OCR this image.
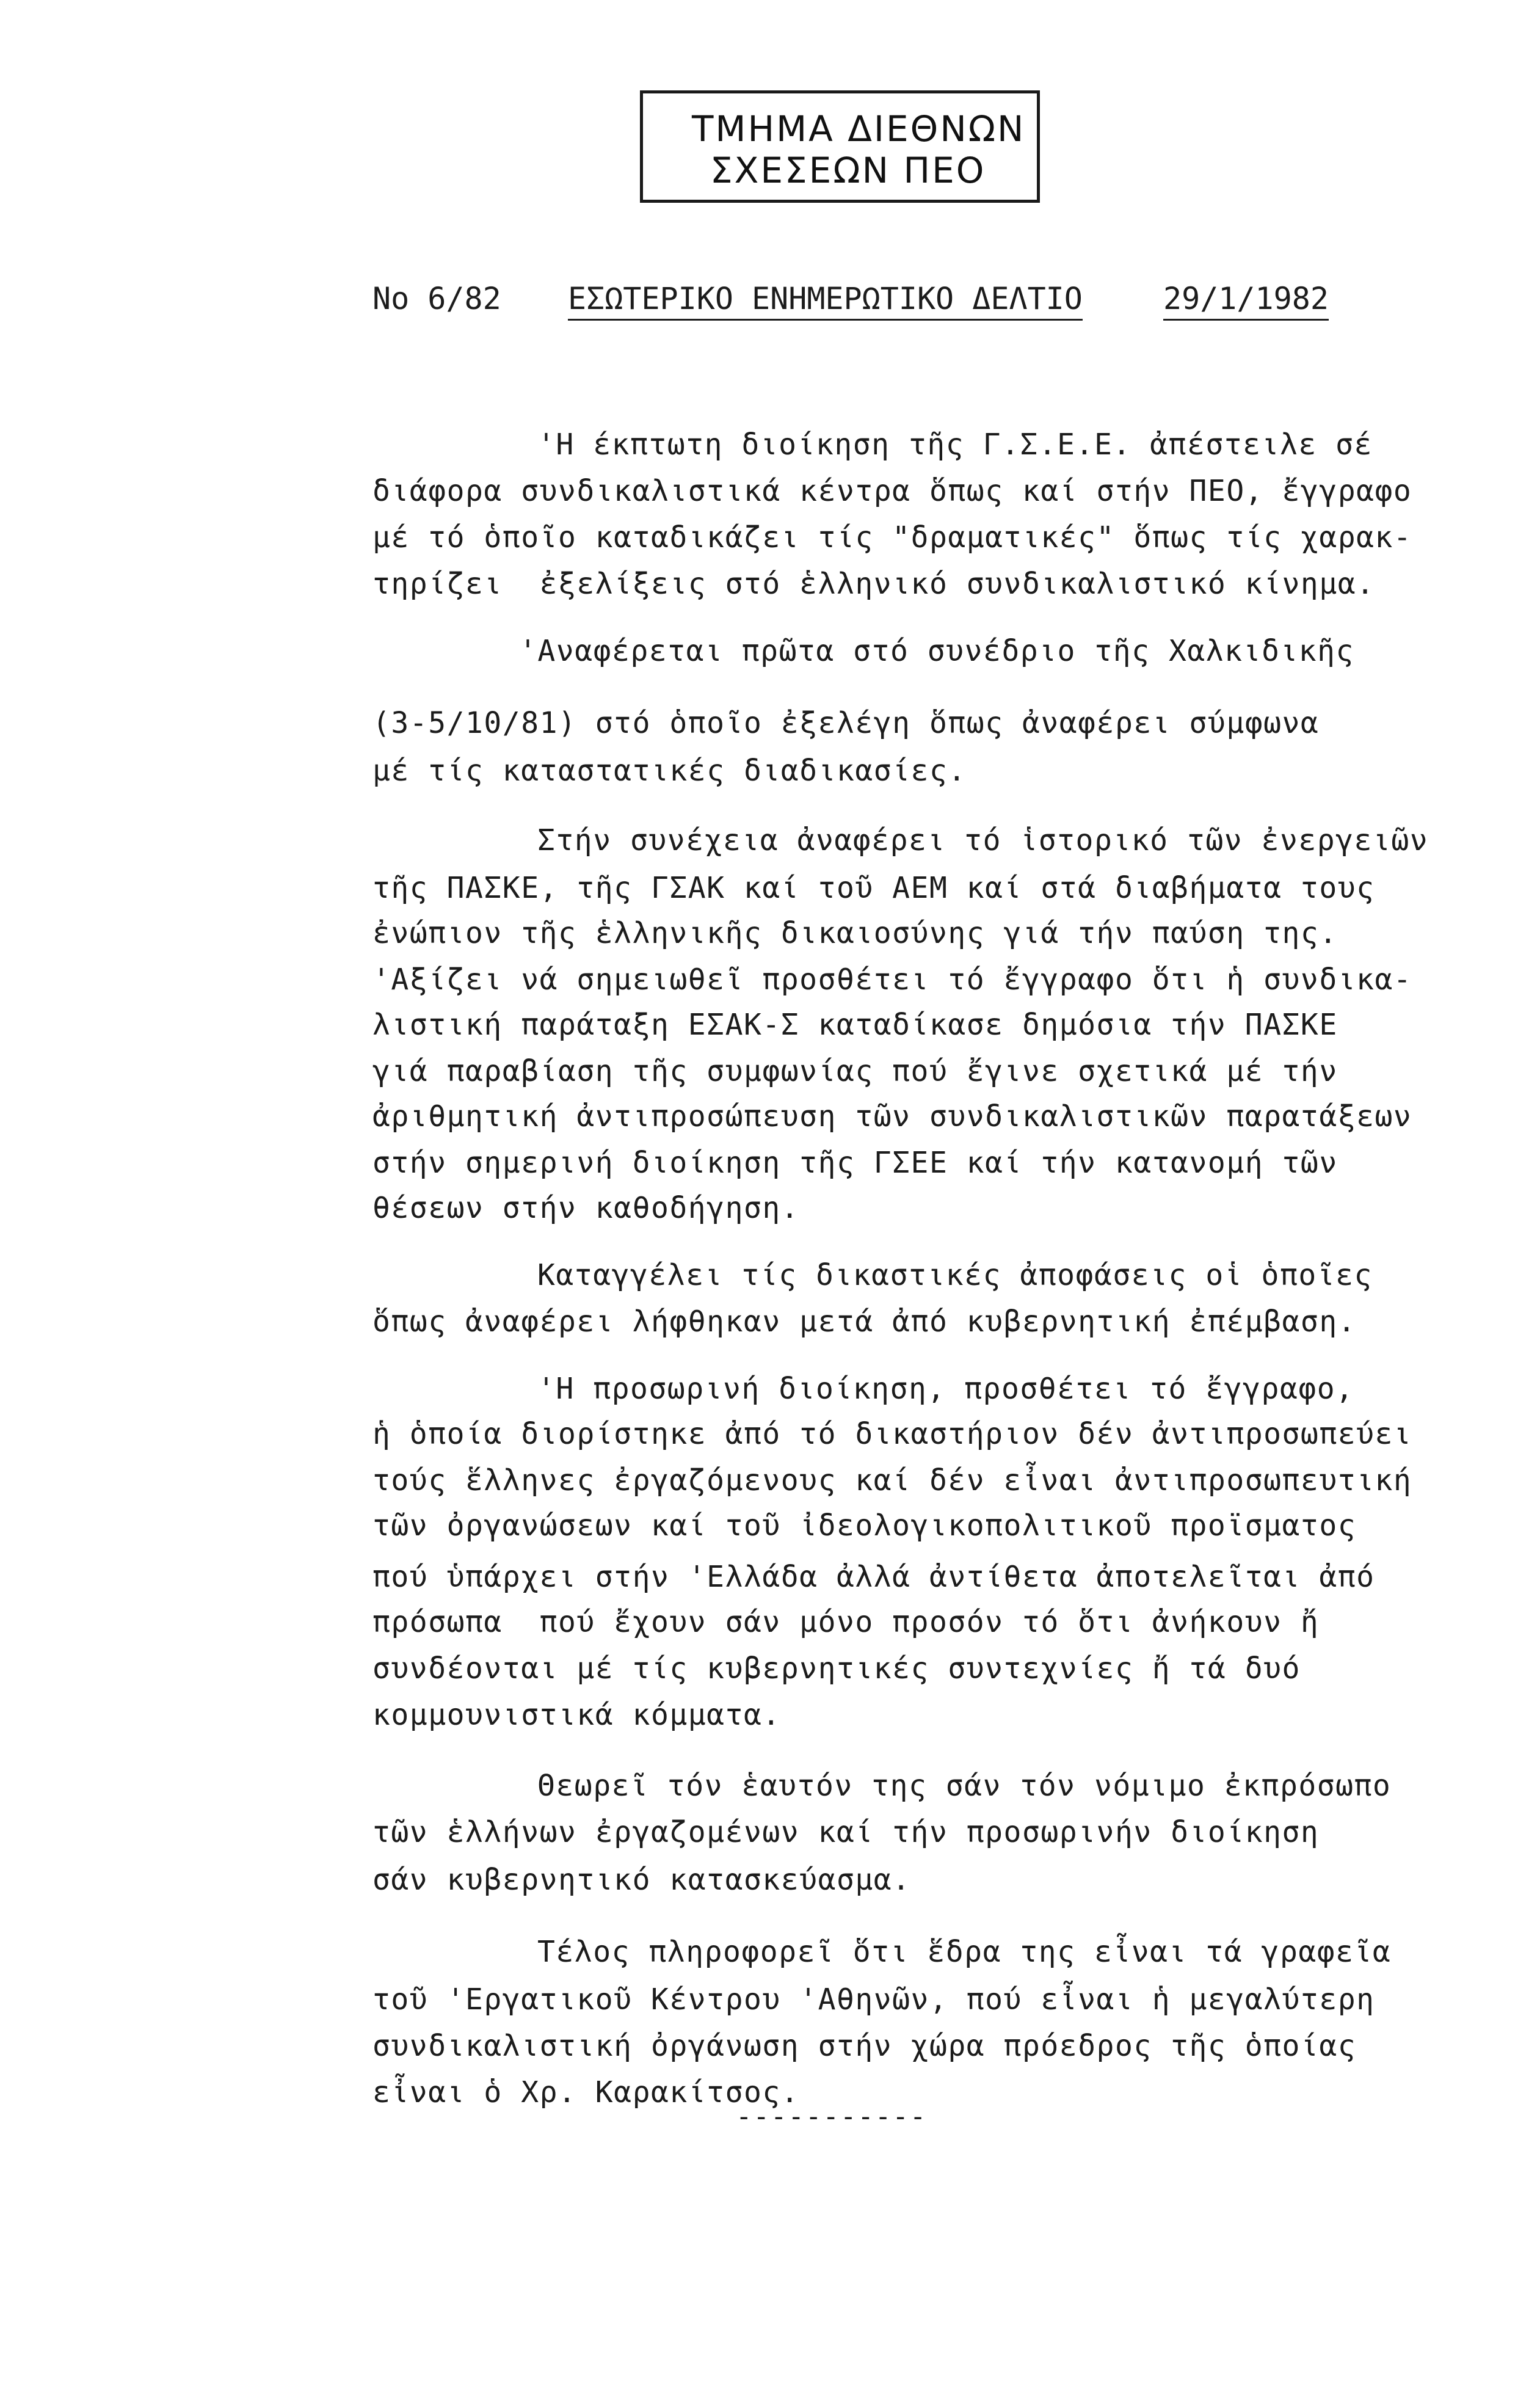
ΤΜΗΜΑ ΔΙΕΘΝΩΝ
ΣΧΕΣΕΩΝ ΠΕΟ
No 6/82 ΕΣΩΤΕΡΙΚΟ ΕΝΗΜΕΡΩΤΙΚΟ ΔΕΛΤΙΟ	29/1/1982
'Η έκπτωτη διοίκηση τῆς Γ.Σ.Ε.Ε. ἀπέστειλε σέ
διάφορα συνδικαλιστικά κέντρα ὅπως καί στήν ΠΕΟ, ἔγγραφο
μέ τό ὁποῖο καταδικάζει τίς "δραματικές" ὅπως τίς χαρακ-
τηρίζει  ἐξελίξεις στό ἑλληνικό συνδικαλιστικό κίνημα.
'Αναφέρεται πρῶτα στό συνέδριο τῆς Χαλκιδικῆς
(3-5/10/81) στό ὁποῖο ἐξελέγη ὅπως ἀναφέρει σύμφωνα
μέ τίς καταστατικές διαδικασίες.
Στήν συνέχεια ἀναφέρει τό ἱστορικό τῶν ἐνεργειῶν
τῆς ΠΑΣΚΕ, τῆς ΓΣΑΚ καί τοῦ ΑΕΜ καί στά διαβήματα τους
ἐνώπιον τῆς ἑλληνικῆς δικαιοσύνης γιά τήν παύση της.
'Αξίζει νά σημειωθεῖ προσθέτει τό ἔγγραφο ὅτι ἡ συνδικα-
λιστική παράταξη ΕΣΑΚ-Σ καταδίκασε δημόσια τήν ΠΑΣΚΕ
γιά παραβίαση τῆς συμφωνίας πού ἔγινε σχετικά μέ τήν
ἀριθμητική ἀντιπροσώπευση τῶν συνδικαλιστικῶν παρατάξεων
στήν σημερινή διοίκηση τῆς ΓΣΕΕ καί τήν κατανομή τῶν
θέσεων στήν καθοδήγηση.
Καταγγέλει τίς δικαστικές ἀποφάσεις οἱ ὁποῖες
ὅπως ἀναφέρει λήφθηκαν μετά ἀπό κυβερνητική ἐπέμβαση.
'Η προσωρινή διοίκηση, προσθέτει τό ἔγγραφο,
ἡ ὁποία διορίστηκε ἀπό τό δικαστήριον δέν ἀντιπροσωπεύει
τούς ἕλληνες ἐργαζόμενους καί δέν εἶναι ἀντιπροσωπευτική
τῶν ὀργανώσεων καί τοῦ ἰδεολογικοπολιτικοῦ προϊσματος
πού ὑπάρχει στήν 'Ελλάδα ἀλλά ἀντίθετα ἀποτελεῖται ἀπό
πρόσωπα  πού ἔχουν σάν μόνο προσόν τό ὅτι ἀνήκουν ἤ
συνδέονται μέ τίς κυβερνητικές συντεχνίες ἤ τά δυό
κομμουνιστικά κόμματα.
Θεωρεῖ τόν ἑαυτόν της σάν τόν νόμιμο ἐκπρόσωπο
τῶν ἑλλήνων ἐργαζομένων καί τήν προσωρινήν διοίκηση
σάν κυβερνητικό κατασκεύασμα.
Τέλος πληροφορεῖ ὅτι ἕδρα της εἶναι τά γραφεῖα
τοῦ 'Εργατικοῦ Κέντρου 'Αθηνῶν, πού εἶναι ἡ μεγαλύτερη
συνδικαλιστική ὀργάνωση στήν χώρα πρόεδρος τῆς ὁποίας
εἶναι ὁ Χρ. Καρακίτσος.
-----------
